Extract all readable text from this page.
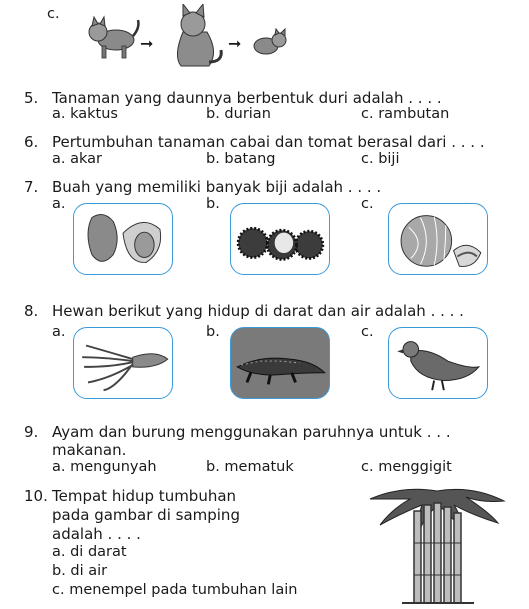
c.
➞	➞
5. Tanaman yang daunnya berbentuk duri adalah . . . .
a. kaktus	b. durian	c. rambutan
6. Pertumbuhan tanaman cabai dan tomat berasal dari . . . .
a. akar	b. batang	c. biji
7. Buah yang memiliki banyak biji adalah . . . .
a.	b.	c.
8. Hewan berikut yang hidup di darat dan air adalah . . . .
a.	b.	c.
9. Ayam dan burung menggunakan paruhnya untuk . . .
makanan.
a. mengunyah	b. mematuk	c. menggigit
10. Tempat hidup tumbuhan
pada gambar di samping
adalah . . . .
a. di darat
b. di air
c. menempel pada tumbuhan lain
